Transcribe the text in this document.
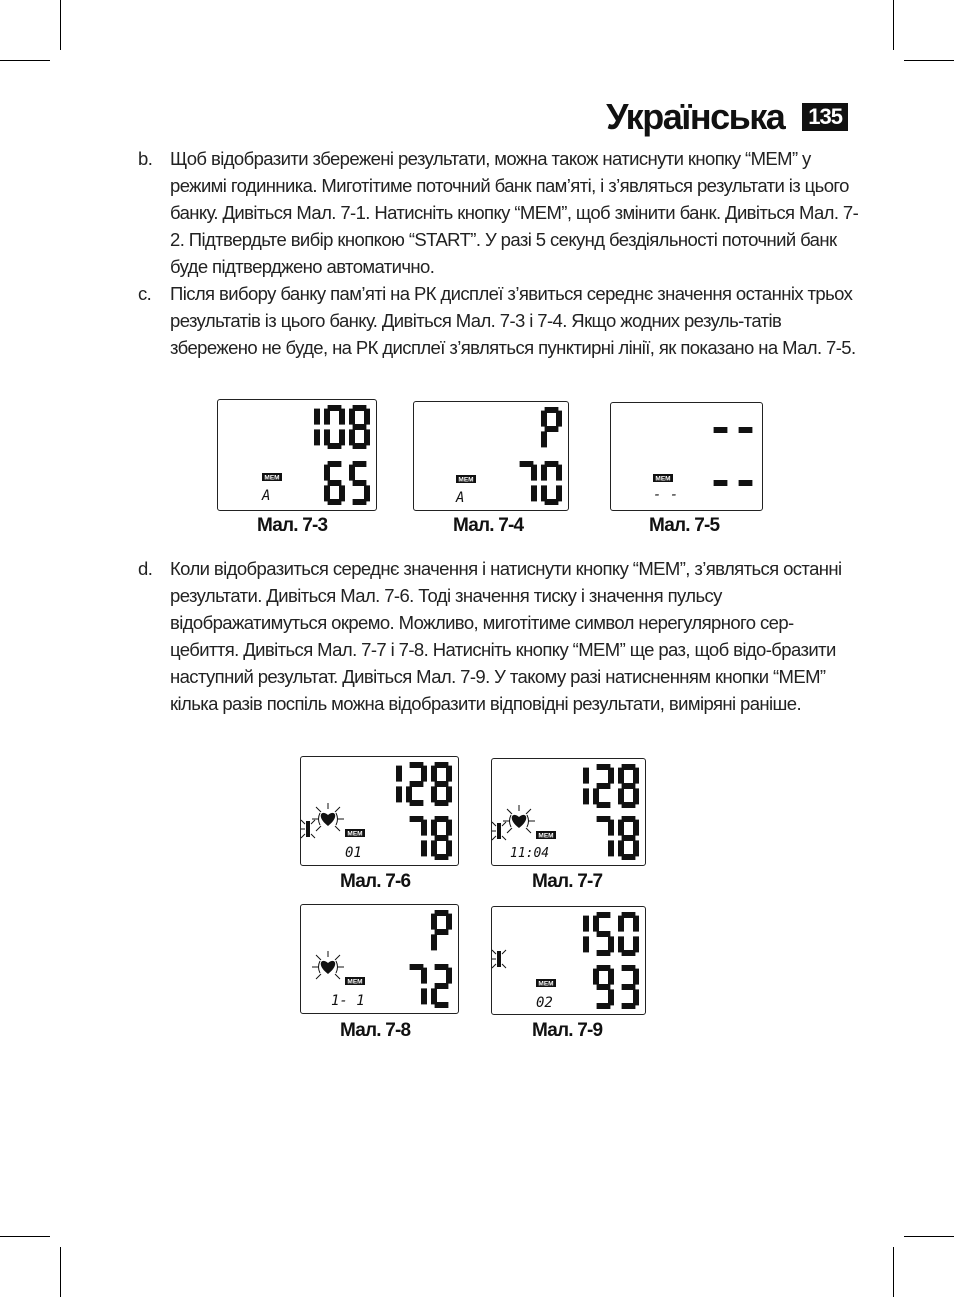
Українська 135
b. Щоб відобразити збережені результати, можна також натиснути кнопку “MEM” у режимі годинника. Миготітиме поточний банк пам’яті, і з’являться результати із цього банку. Дивіться Мал. 7-1. Натисніть кнопку “MEM”, щоб змінити банк. Дивіться Мал. 7-2. Підтвердьте вибір кнопкою “START”. У разі 5 секунд бездіяльності поточний банк буде підтверджено автоматично.
c. Після вибору банку пам’яті на РК дисплеї з’явиться середнє значення останніх трьох результатів із цього банку. Дивіться Мал. 7-3 і 7-4. Якщо жодних резуль-татів збережено не буде, на РК дисплеї з’являться пунктирні лінії, як показано на Мал. 7-5.
d. Коли відобразиться середнє значення і натиснути кнопку “MEM”, з’являться останні результати. Дивіться Мал. 7-6. Тоді значення тиску і значення пульсу відображатимуться окремо. Можливо, миготітиме символ нерегулярного сер-цебиття. Дивіться Мал. 7-7 і 7-8. Натисніть кнопку “MEM” ще раз, щоб відо-бразити наступний результат. Дивіться Мал. 7-9. У такому разі натисненням кнопки “MEM” кілька разів поспіль можна відобразити відповідні результати, виміряні раніше.
MEM
A
Мал. 7-3
MEM
A
Мал. 7-4
MEM
- -
Мал. 7-5
MEM
01
Мал. 7-6
MEM
11:04
Мал. 7-7
MEM
1- 1
Мал. 7-8
MEM
02
Мал. 7-9
